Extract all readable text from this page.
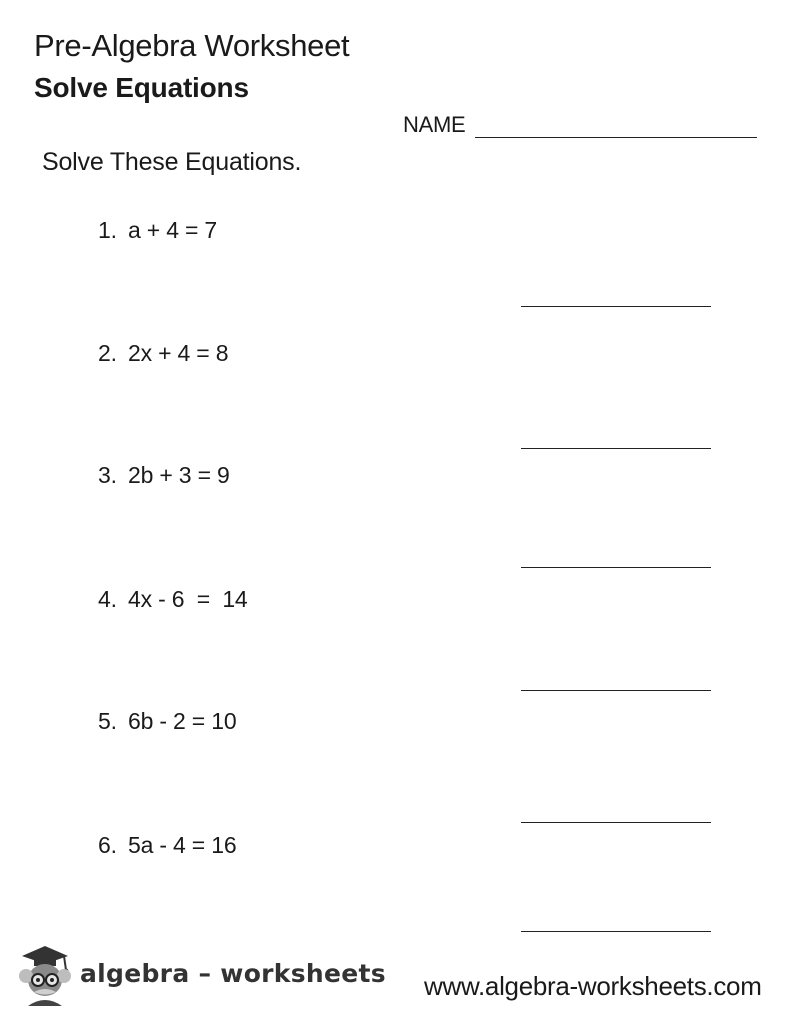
Pre-Algebra Worksheet
Solve Equations
NAME
Solve These Equations.
1. a + 4 = 7
2. 2x + 4 = 8
3. 2b + 3 = 9
4. 4x - 6  =  14
5. 6b - 2 = 10
6. 5a - 4 = 16
algebra – worksheets www.algebra-worksheets.com
